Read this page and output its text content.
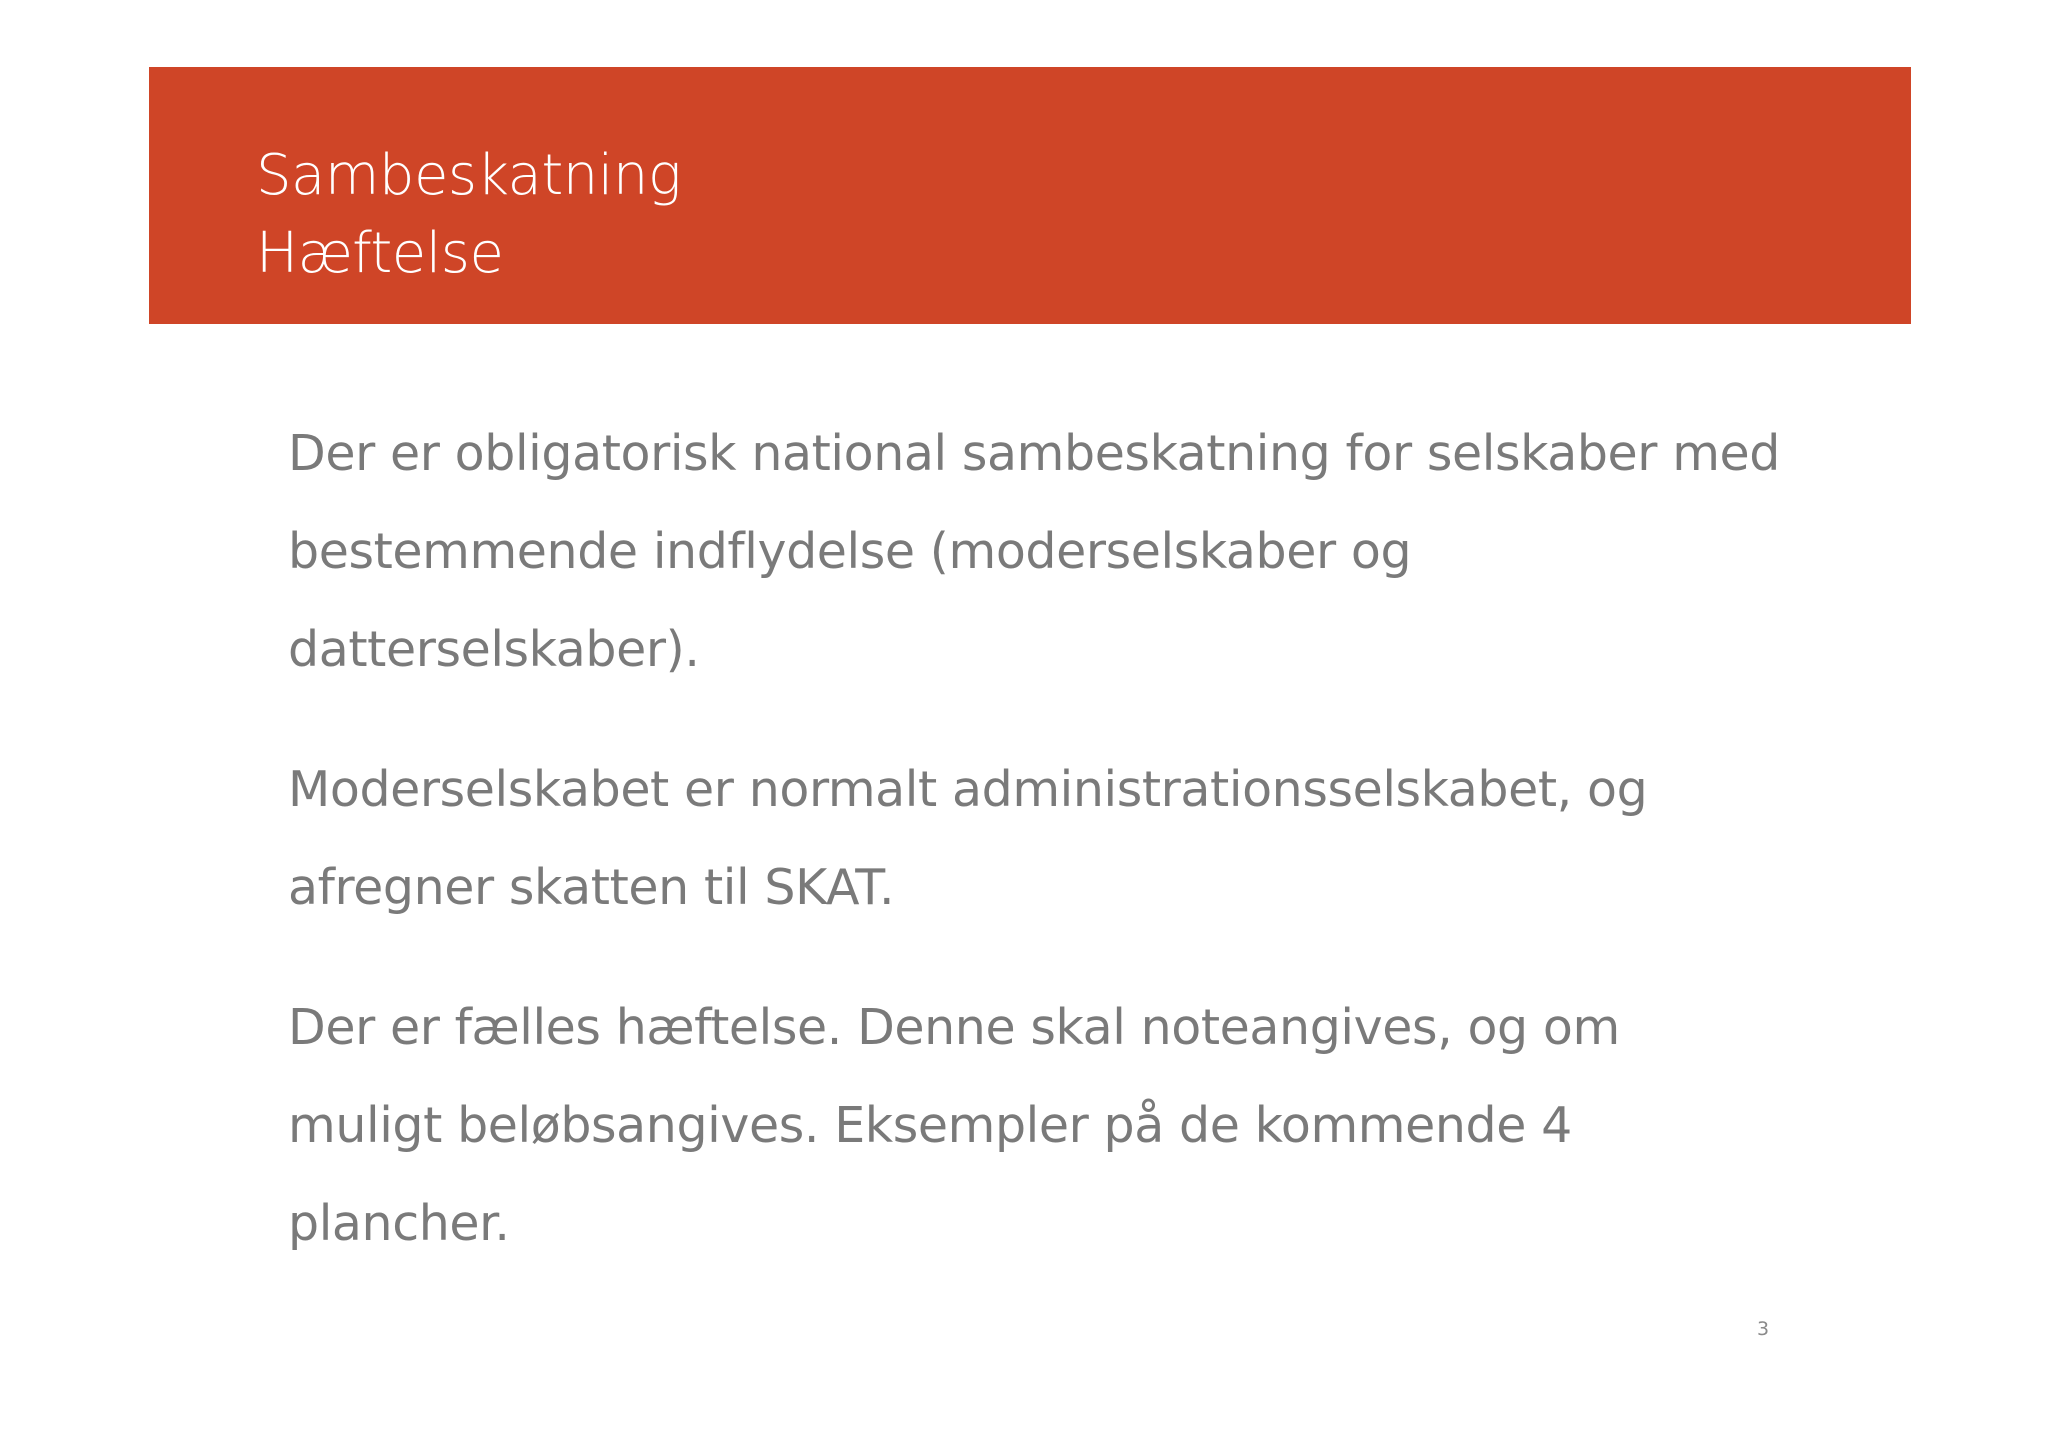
Sambeskatning
Hæftelse

Der er obligatorisk national sambeskatning for selskaber med bestemmende indflydelse (moderselskaber og datterselskaber).

Moderselskabet er normalt administrationsselskabet, og afregner skatten til SKAT.

Der er fælles hæftelse. Denne skal noteangives, og om muligt beløbsangives. Eksempler på de kommende 4 plancher.

3
